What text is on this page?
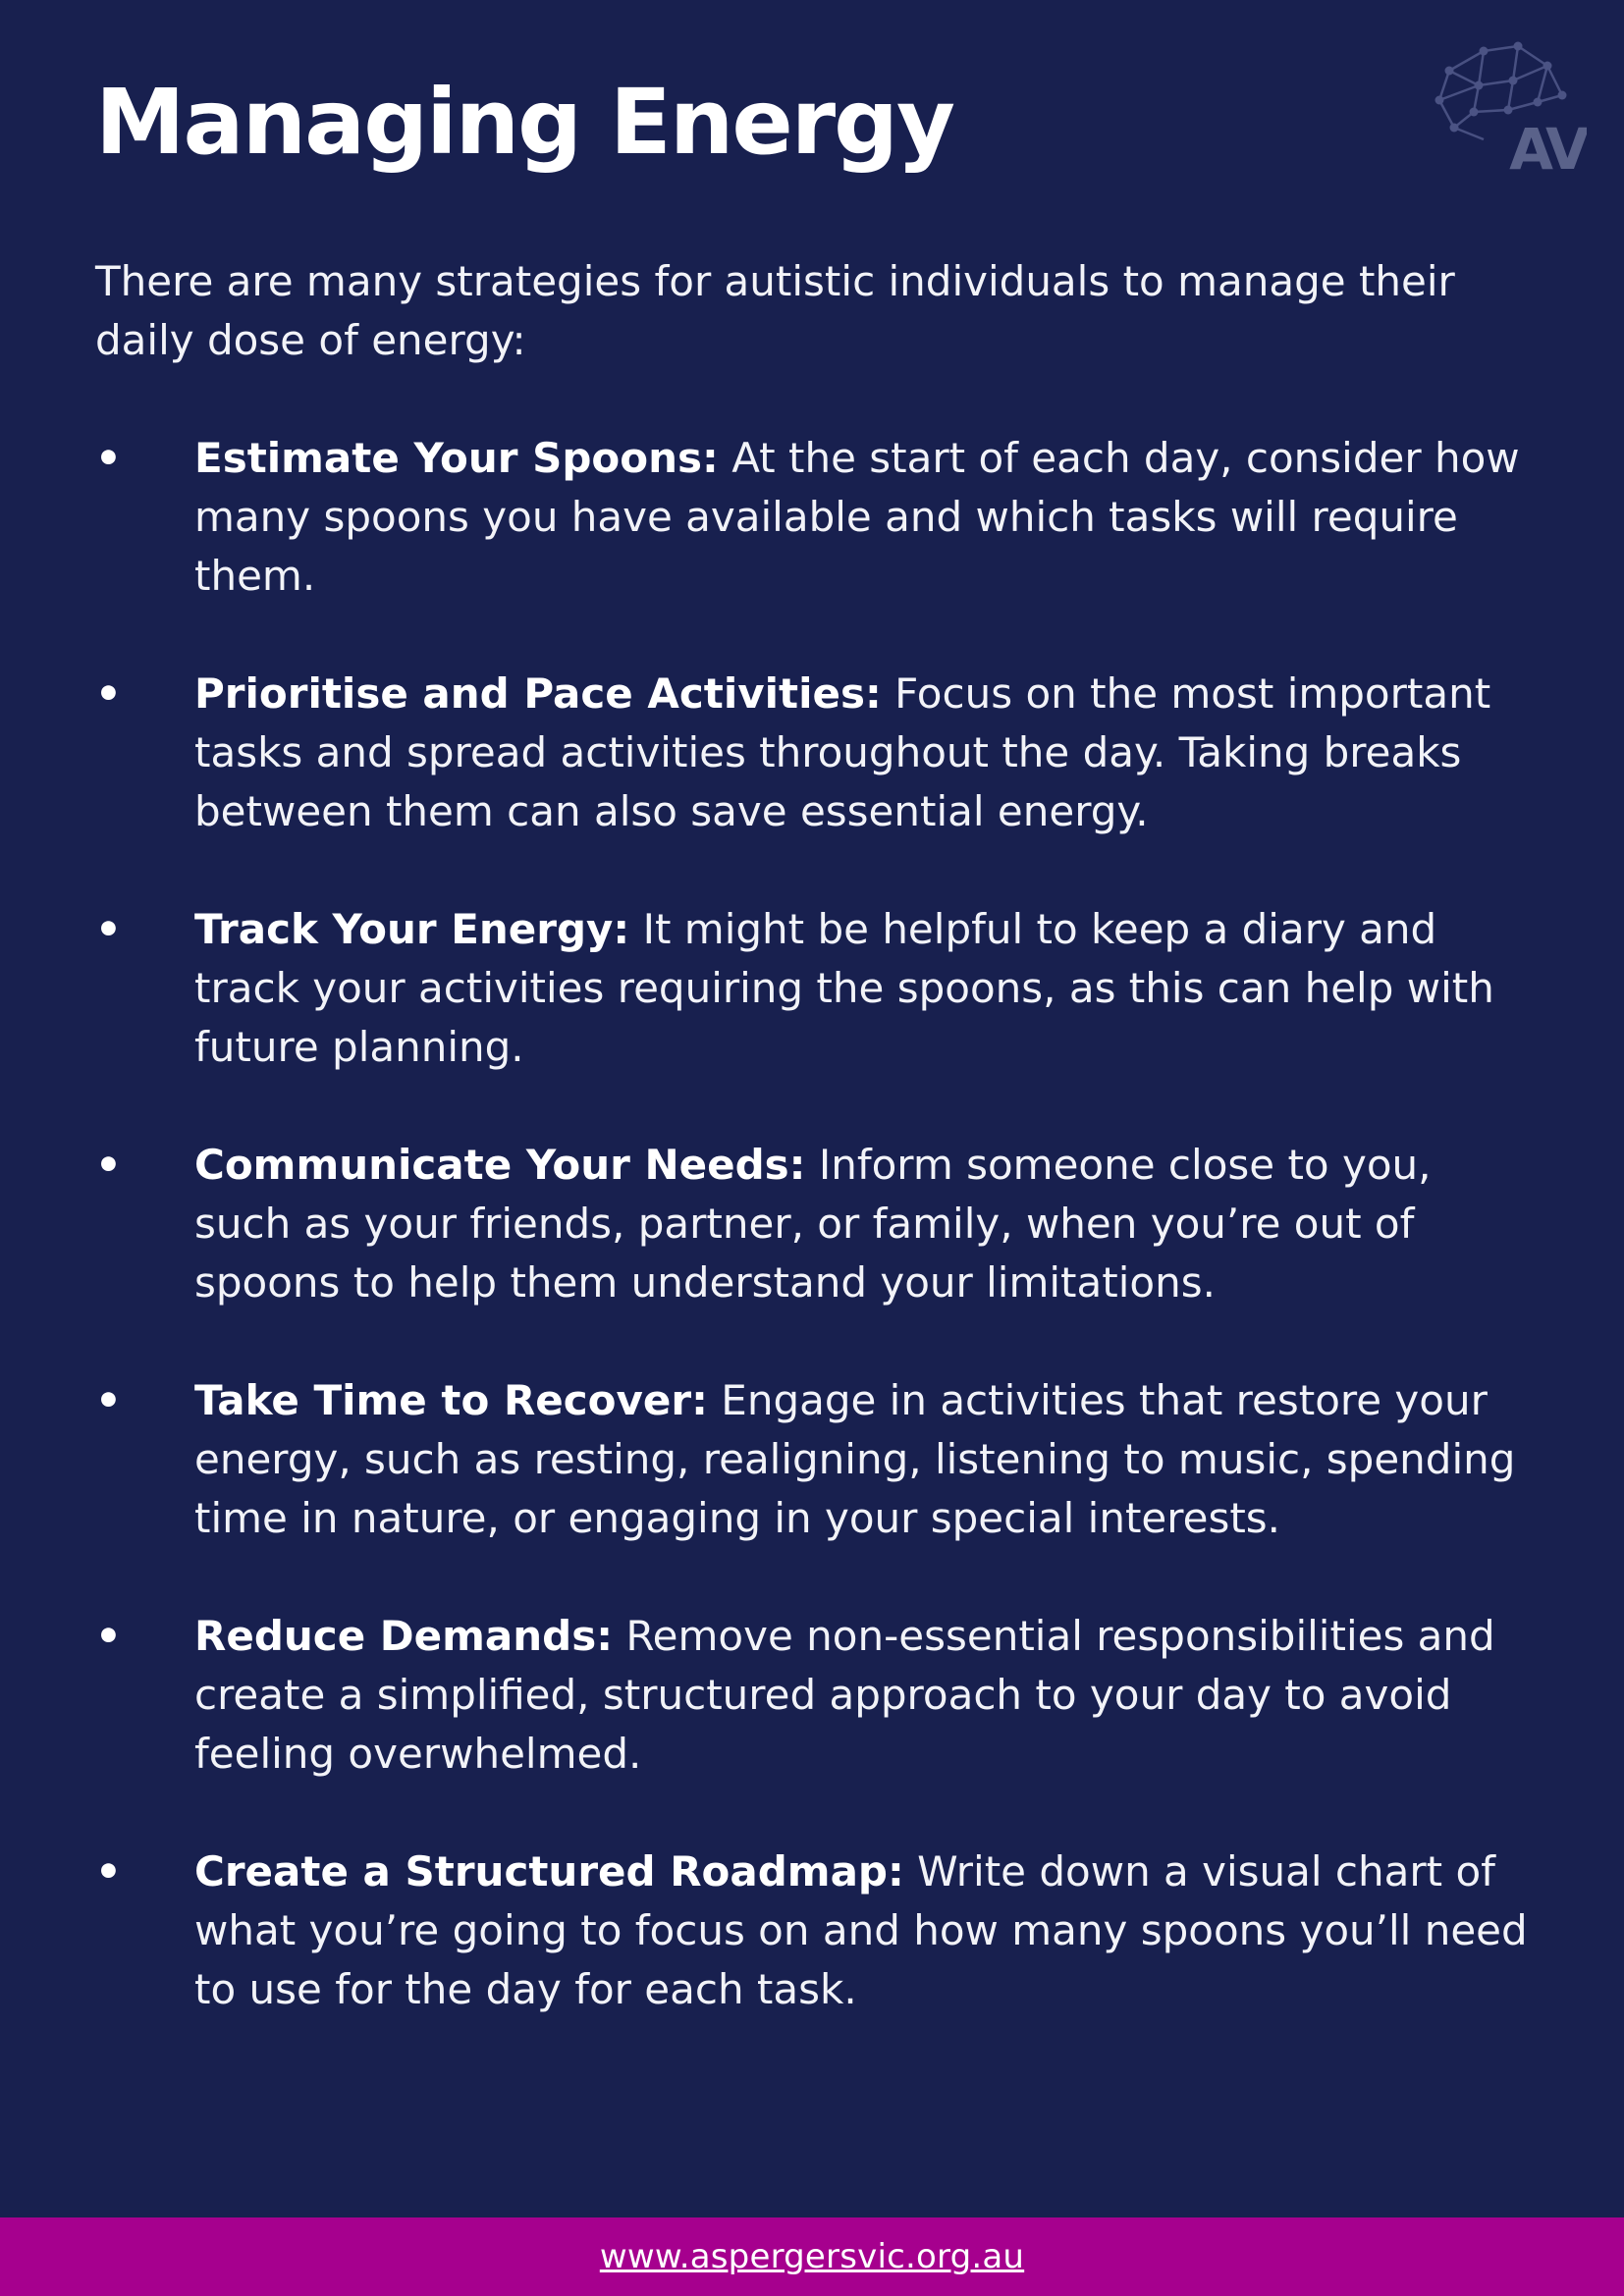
AV
Managing Energy

There are many strategies for autistic individuals to manage their daily dose of energy:

• Estimate Your Spoons: At the start of each day, consider how many spoons you have available and which tasks will require them.
• Prioritise and Pace Activities: Focus on the most important tasks and spread activities throughout the day. Taking breaks between them can also save essential energy.
• Track Your Energy: It might be helpful to keep a diary and track your activities requiring the spoons, as this can help with future planning.
• Communicate Your Needs: Inform someone close to you, such as your friends, partner, or family, when you’re out of spoons to help them understand your limitations.
• Take Time to Recover: Engage in activities that restore your energy, such as resting, realigning, listening to music, spending time in nature, or engaging in your special interests.
• Reduce Demands: Remove non-essential responsibilities and create a simplified, structured approach to your day to avoid feeling overwhelmed.
• Create a Structured Roadmap: Write down a visual chart of what you’re going to focus on and how many spoons you’ll need to use for the day for each task.
www.aspergersvic.org.au
